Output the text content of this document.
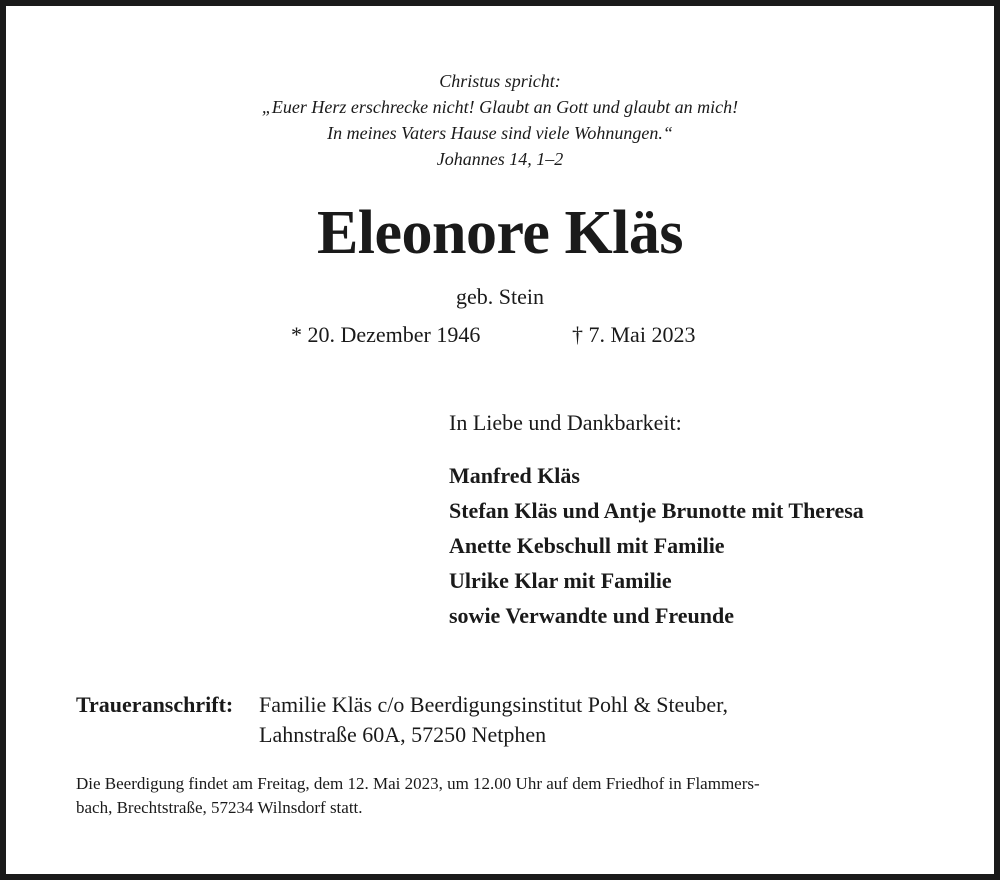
Christus spricht:
„Euer Herz erschrecke nicht! Glaubt an Gott und glaubt an mich!
In meines Vaters Hause sind viele Wohnungen.“
Johannes 14, 1–2
Eleonore Kläs
geb. Stein
* 20. Dezember 1946	† 7. Mai 2023
In Liebe und Dankbarkeit:
Manfred Kläs
Stefan Kläs und Antje Brunotte mit Theresa
Anette Kebschull mit Familie
Ulrike Klar mit Familie
sowie Verwandte und Freunde
Traueranschrift: Familie Kläs c/o Beerdigungsinstitut Pohl & Steuber,
Lahnstraße 60A, 57250 Netphen
Die Beerdigung findet am Freitag, dem 12. Mai 2023, um 12.00 Uhr auf dem Friedhof in Flammers-
bach, Brechtstraße, 57234 Wilnsdorf statt.
